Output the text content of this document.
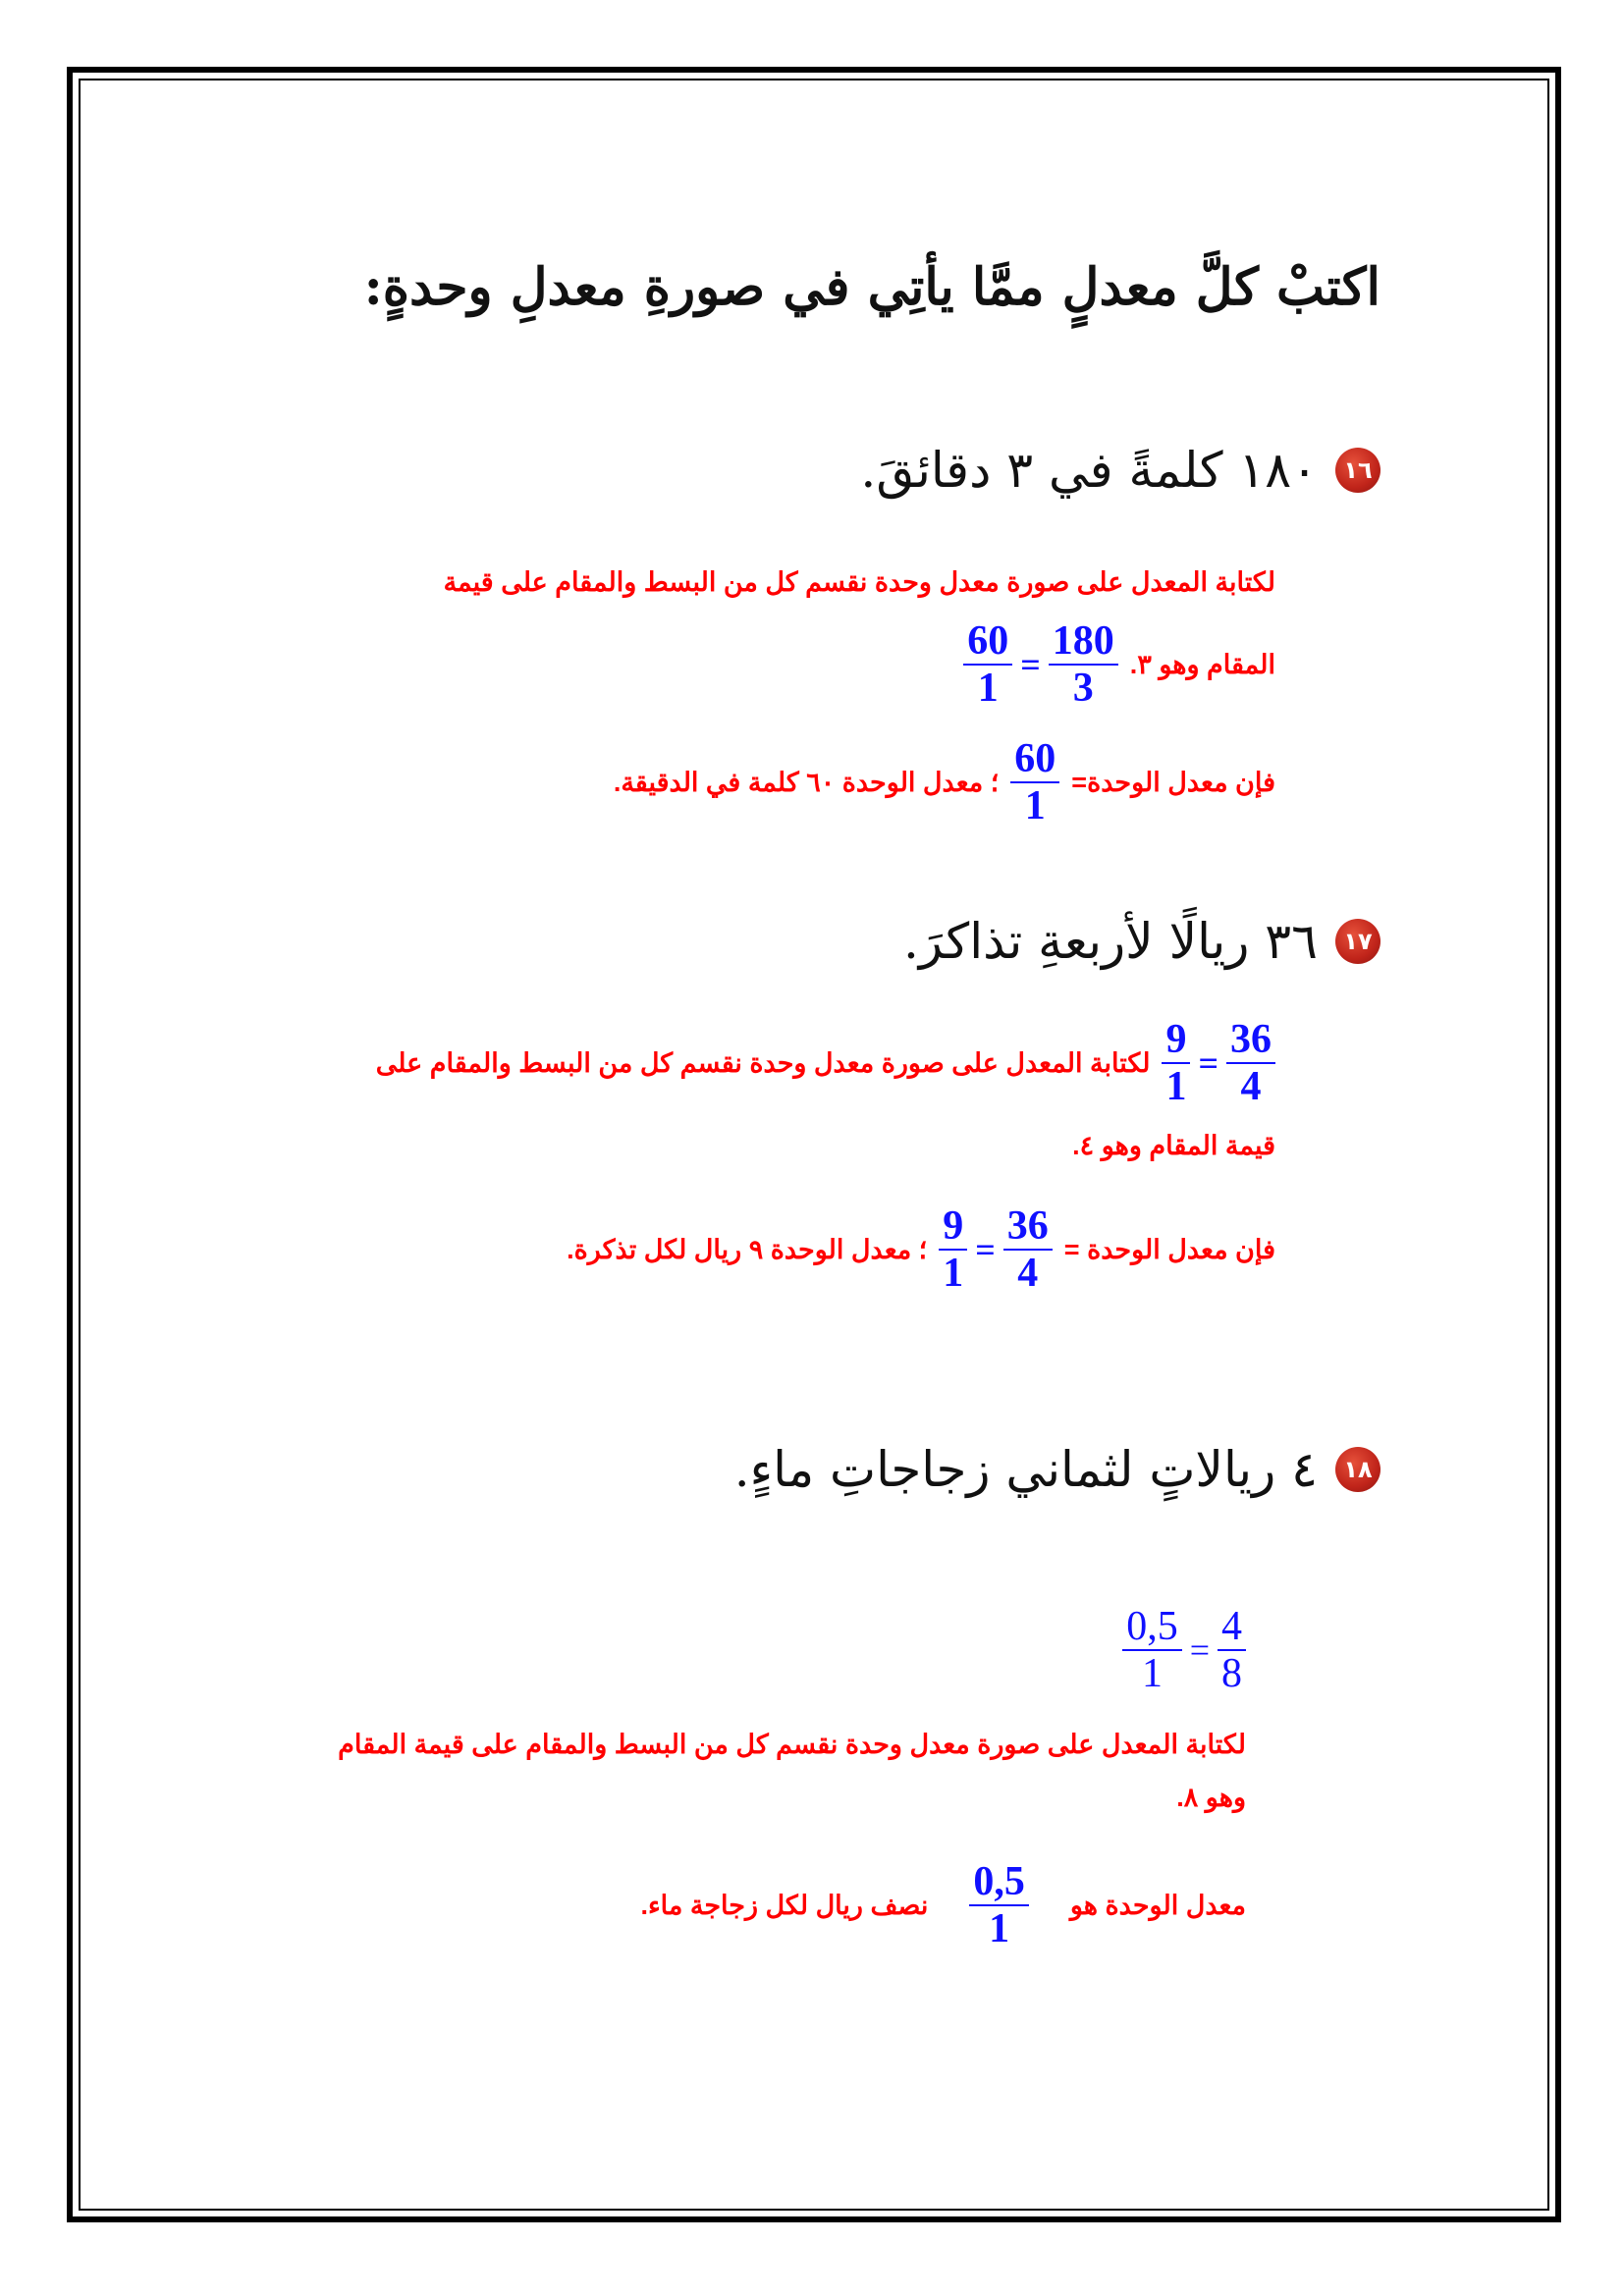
اكتبْ كلَّ معدلٍ ممَّا يأتِي في صورةِ معدلِ وحدةٍ:
١٦
١٨٠ كلمةً في ٣ دقائقَ.
لكتابة المعدل على صورة معدل وحدة نقسم كل من البسط والمقام على قيمة
المقام وهو ٣.
$\frac{60}{1} = \frac{180}{3}$
فإن معدل الوحدة=
$\frac{60}{1}$
؛ معدل الوحدة ٦٠ كلمة في الدقيقة.
١٧
٣٦ ريالًا لأربعةِ تذاكرَ.
$\frac{9}{1} = \frac{36}{4}$
لكتابة المعدل على صورة معدل وحدة نقسم كل من البسط والمقام على
قيمة المقام وهو ٤.
فإن معدل الوحدة =
$\frac{9}{1} = \frac{36}{4}$
؛ معدل الوحدة ٩ ريال لكل تذكرة.
١٨
٤ ريالاتٍ لثماني زجاجاتِ ماءٍ.
$\frac{0,5}{1} = \frac{4}{8}$
لكتابة المعدل على صورة معدل وحدة نقسم كل من البسط والمقام على قيمة المقام
وهو ٨.
معدل الوحدة هو
$\frac{0,5}{1}$
نصف ريال لكل زجاجة ماء.
